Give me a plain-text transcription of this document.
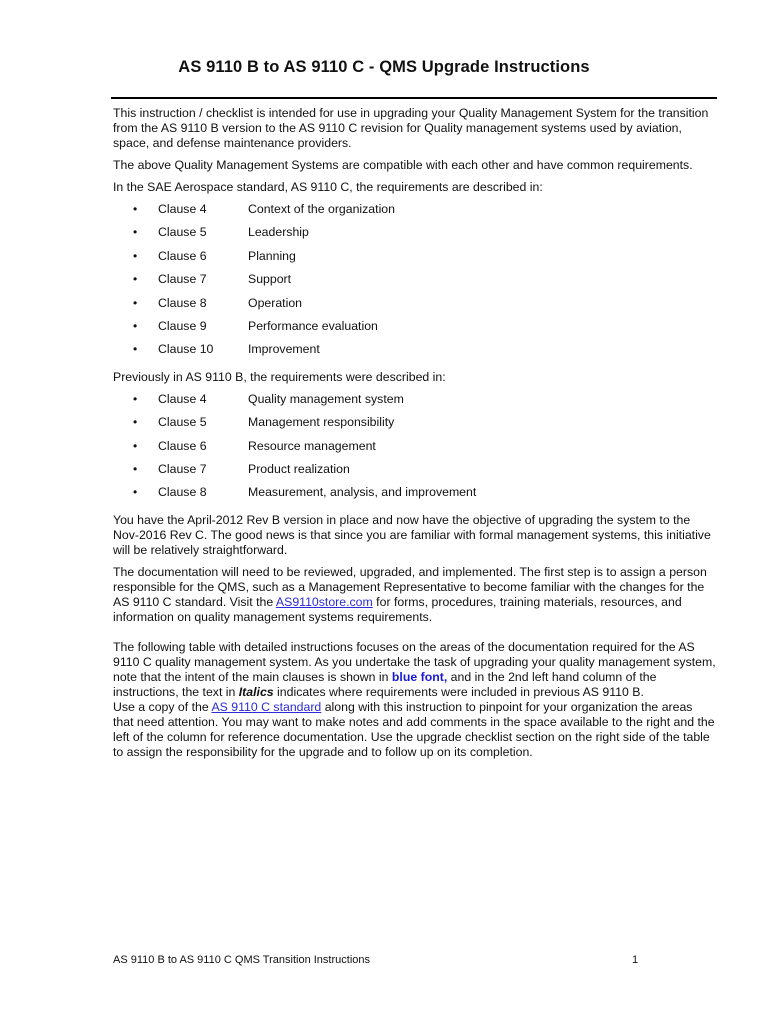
AS 9110 B to AS 9110 C - QMS Upgrade Instructions

This instruction / checklist is intended for use in upgrading your Quality Management System for the transition from the AS 9110 B version to the AS 9110 C revision for Quality management systems used by aviation, space, and defense maintenance providers.

The above Quality Management Systems are compatible with each other and have common requirements.

In the SAE Aerospace standard, AS 9110 C, the requirements are described in:

• Clause 4	Context of the organization
• Clause 5	Leadership
• Clause 6	Planning
• Clause 7	Support
• Clause 8	Operation
• Clause 9	Performance evaluation
• Clause 10	Improvement

Previously in AS 9110 B, the requirements were described in:

• Clause 4	Quality management system
• Clause 5	Management responsibility
• Clause 6	Resource management
• Clause 7	Product realization
• Clause 8	Measurement, analysis, and improvement

You have the April-2012 Rev B version in place and now have the objective of upgrading the system to the Nov-2016 Rev C. The good news is that since you are familiar with formal management systems, this initiative will be relatively straightforward.

The documentation will need to be reviewed, upgraded, and implemented. The first step is to assign a person responsible for the QMS, such as a Management Representative to become familiar with the changes for the AS 9110 C standard. Visit the AS9110store.com for forms, procedures, training materials, resources, and information on quality management systems requirements.

The following table with detailed instructions focuses on the areas of the documentation required for the AS 9110 C quality management system. As you undertake the task of upgrading your quality management system, note that the intent of the main clauses is shown in blue font, and in the 2nd left hand column of the instructions, the text in Italics indicates where requirements were included in previous AS 9110 B.

Use a copy of the AS 9110 C standard along with this instruction to pinpoint for your organization the areas that need attention. You may want to make notes and add comments in the space available to the right and the left of the column for reference documentation. Use the upgrade checklist section on the right side of the table to assign the responsibility for the upgrade and to follow up on its completion.

AS 9110 B to AS 9110 C QMS Transition Instructions	1
